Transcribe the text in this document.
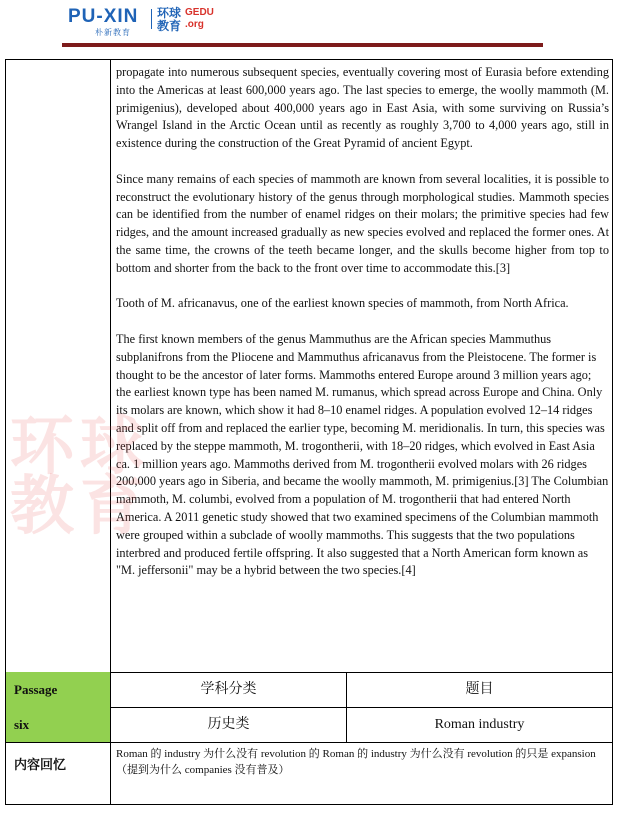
PU-XIN
朴新教育
环球
教育
GEDU
.org

propagate into numerous subsequent species, eventually covering most of Eurasia before extending into the Americas at least 600,000 years ago. The last species to emerge, the woolly mammoth (M. primigenius), developed about 400,000 years ago in East Asia, with some surviving on Russia’s Wrangel Island in the Arctic Ocean until as recently as roughly 3,700 to 4,000 years ago, still in existence during the construction of the Great Pyramid of ancient Egypt.

Since many remains of each species of mammoth are known from several localities, it is possible to reconstruct the evolutionary history of the genus through morphological studies. Mammoth species can be identified from the number of enamel ridges on their molars; the primitive species had few ridges, and the amount increased gradually as new species evolved and replaced the former ones. At the same time, the crowns of the teeth became longer, and the skulls become higher from top to bottom and shorter from the back to the front over time to accommodate this.[3]

Tooth of M. africanavus, one of the earliest known species of mammoth, from North Africa.

The first known members of the genus Mammuthus are the African species Mammuthus subplanifrons from the Pliocene and Mammuthus africanavus from the Pleistocene. The former is thought to be the ancestor of later forms. Mammoths entered Europe around 3 million years ago; the earliest known type has been named M. rumanus, which spread across Europe and China. Only its molars are known, which show it had 8–10 enamel ridges. A population evolved 12–14 ridges and split off from and replaced the earlier type, becoming M. meridionalis. In turn, this species was replaced by the steppe mammoth, M. trogontherii, with 18–20 ridges, which evolved in East Asia ca. 1 million years ago. Mammoths derived from M. trogontherii evolved molars with 26 ridges 200,000 years ago in Siberia, and became the woolly mammoth, M. primigenius.[3] The Columbian mammoth, M. columbi, evolved from a population of M. trogontherii that had entered North America. A 2011 genetic study showed that two examined specimens of the Columbian mammoth were grouped within a subclade of woolly mammoths. This suggests that the two populations interbred and produced fertile offspring. It also suggested that a North American form known as "M. jeffersonii" may be a hybrid between the two species.[4]

Passage
six
学科分类	题目
历史类	Roman industry
内容回忆
Roman 的 industry 为什么没有 revolution 的 Roman 的 industry 为什么没有 revolution 的只是 expansion（提到为什么 companies 没有普及）
环球
教育
